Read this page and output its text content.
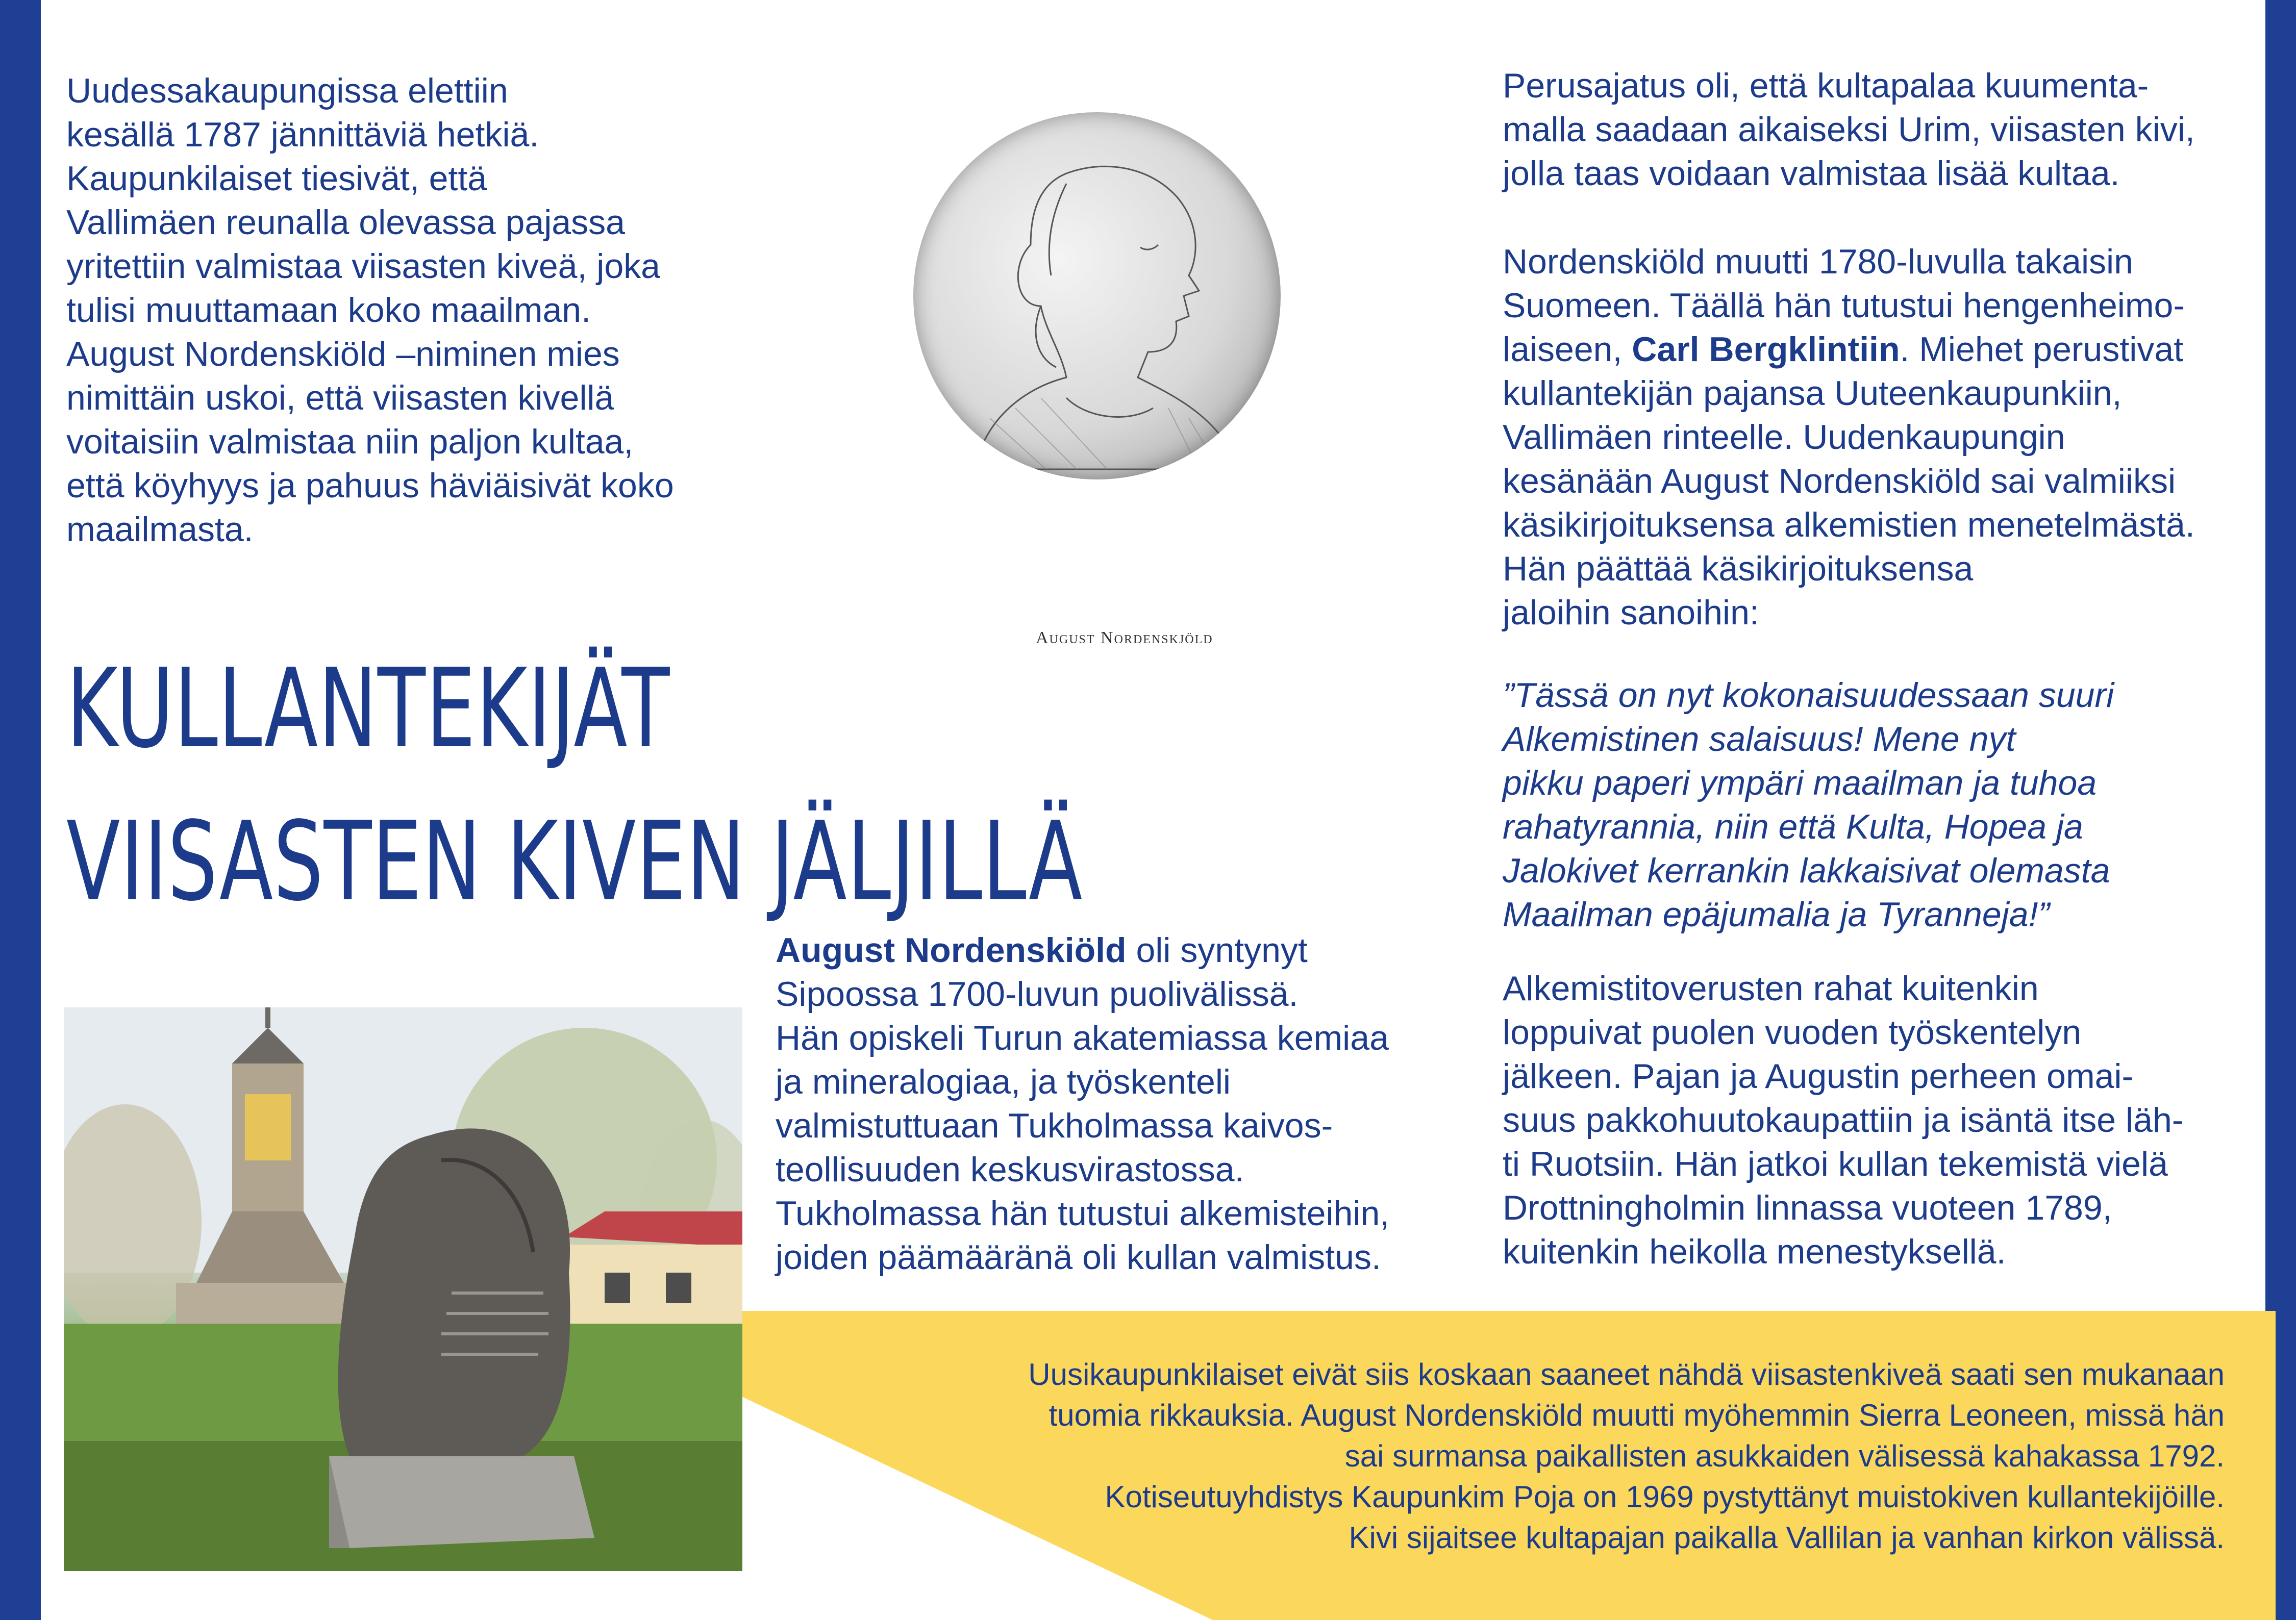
Uudessakaupungissa elettiin
kesällä 1787 jännittäviä hetkiä.
Kaupunkilaiset tiesivät, että
Vallimäen reunalla olevassa pajassa
yritettiin valmistaa viisasten kiveä, joka
tulisi muuttamaan koko maailman.
August Nordenskiöld –niminen mies
nimittäin uskoi, että viisasten kivellä
voitaisiin valmistaa niin paljon kultaa,
että köyhyys ja pahuus häviäisivät koko
maailmasta.

KULLANTEKIJÄT
VIISASTEN KIVEN JÄLJILLÄ

August Nordenskjöld

August Nordenskiöld oli syntynyt
Sipoossa 1700-luvun puolivälissä.
Hän opiskeli Turun akatemiassa kemiaa
ja mineralogiaa, ja työskenteli
valmistuttuaan Tukholmassa kaivos-
teollisuuden keskusvirastossa.
Tukholmassa hän tutustui alkemisteihin,
joiden päämääränä oli kullan valmistus.

Perusajatus oli, että kultapalaa kuumenta-
malla saadaan aikaiseksi Urim, viisasten kivi,
jolla taas voidaan valmistaa lisää kultaa.

Nordenskiöld muutti 1780-luvulla takaisin
Suomeen. Täällä hän tutustui hengenheimo-
laiseen, Carl Bergklintiin. Miehet perustivat
kullantekijän pajansa Uuteenkaupunkiin,
Vallimäen rinteelle. Uudenkaupungin
kesänään August Nordenskiöld sai valmiiksi
käsikirjoituksensa alkemistien menetelmästä.
Hän päättää käsikirjoituksensa
jaloihin sanoihin:

”Tässä on nyt kokonaisuudessaan suuri
Alkemistinen salaisuus! Mene nyt
pikku paperi ympäri maailman ja tuhoa
rahatyrannia, niin että Kulta, Hopea ja
Jalokivet kerrankin lakkaisivat olemasta
Maailman epäjumalia ja Tyranneja!”

Alkemistitoverusten rahat kuitenkin
loppuivat puolen vuoden työskentelyn
jälkeen. Pajan ja Augustin perheen omai-
suus pakkohuutokaupattiin ja isäntä itse läh-
ti Ruotsiin. Hän jatkoi kullan tekemistä vielä
Drottningholmin linnassa vuoteen 1789,
kuitenkin heikolla menestyksellä.

Uusikaupunkilaiset eivät siis koskaan saaneet nähdä viisastenkiveä saati sen mukanaan
tuomia rikkauksia. August Nordenskiöld muutti myöhemmin Sierra Leoneen, missä hän
sai surmansa paikallisten asukkaiden välisessä kahakassa 1792.
Kotiseutuyhdistys Kaupunkim Poja on 1969 pystyttänyt muistokiven kullantekijöille.
Kivi sijaitsee kultapajan paikalla Vallilan ja vanhan kirkon välissä.
